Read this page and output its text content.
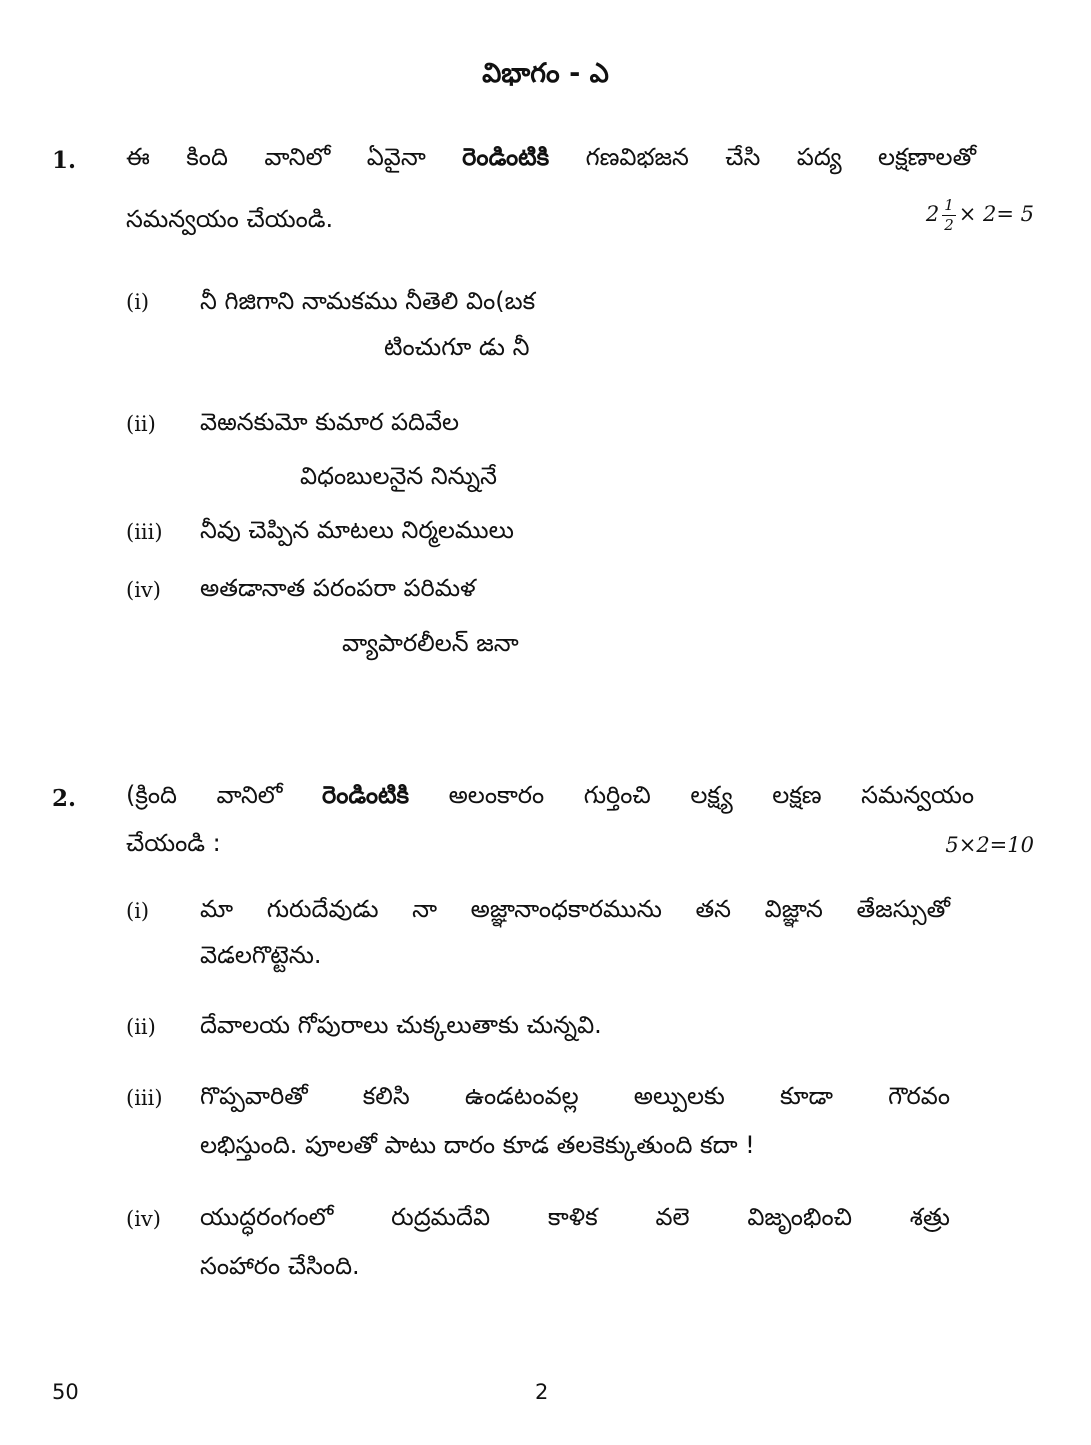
విభాగం - ఎ
1. ఈ కింది వానిలో ఏవైనా రెండింటికి గణవిభజన చేసి పద్య లక్షణాలతో
సమన్వయం చేయండి.	$2 \frac{1}{2} \times 2= 5$
(i) నీ గిజిగాని నామకము నీతెలి విం(బక
టించుగూ డు నీ
(ii) వెఱనకుమో కుమార పదివేల
విధంబులనైన నిన్నునే
(iii) నీవు చెప్పిన మాటలు నిర్మలములు
(iv) అతడానాత పరంపరా పరిమళ
వ్యాపారలీలన్ జనా
2. (క్రింది వానిలో రెండింటికి అలంకారం గుర్తించి లక్ష్య లక్షణ సమన్వయం
చేయండి :	5×2=10
(i) మా గురుదేవుడు నా అజ్ఞానాంధకారమును తన విజ్ఞాన తేజస్సుతో
వెడలగొట్టెను.
(ii) దేవాలయ గోపురాలు చుక్కలుతాకు చున్నవి.
(iii) గొప్పవారితో కలిసి ఉండటంవల్ల అల్పులకు కూడా గౌరవం
లభిస్తుంది. పూలతో పాటు దారం కూడ తలకెక్కుతుంది కదా !
(iv) యుద్ధరంగంలో రుద్రమదేవి కాళిక వలె విజృంభించి శత్రు
సంహారం చేసింది.
50	2
